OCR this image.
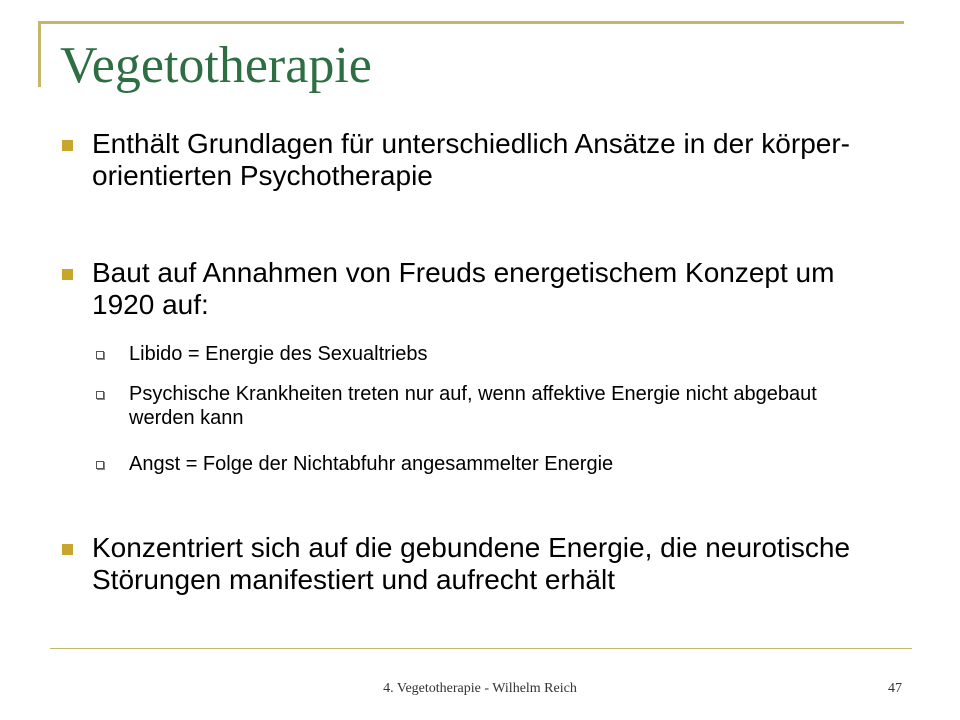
Vegetotherapie
Enthält Grundlagen für unterschiedlich Ansätze in der körper-orientierten Psychotherapie
Baut auf Annahmen von Freuds energetischem Konzept um 1920 auf:
Libido = Energie des Sexualtriebs
Psychische Krankheiten treten nur auf, wenn affektive Energie nicht abgebaut werden kann
Angst = Folge der Nichtabfuhr angesammelter Energie
Konzentriert sich auf die gebundene Energie, die neurotische Störungen manifestiert und aufrecht erhält
4. Vegetotherapie - Wilhelm Reich	47
